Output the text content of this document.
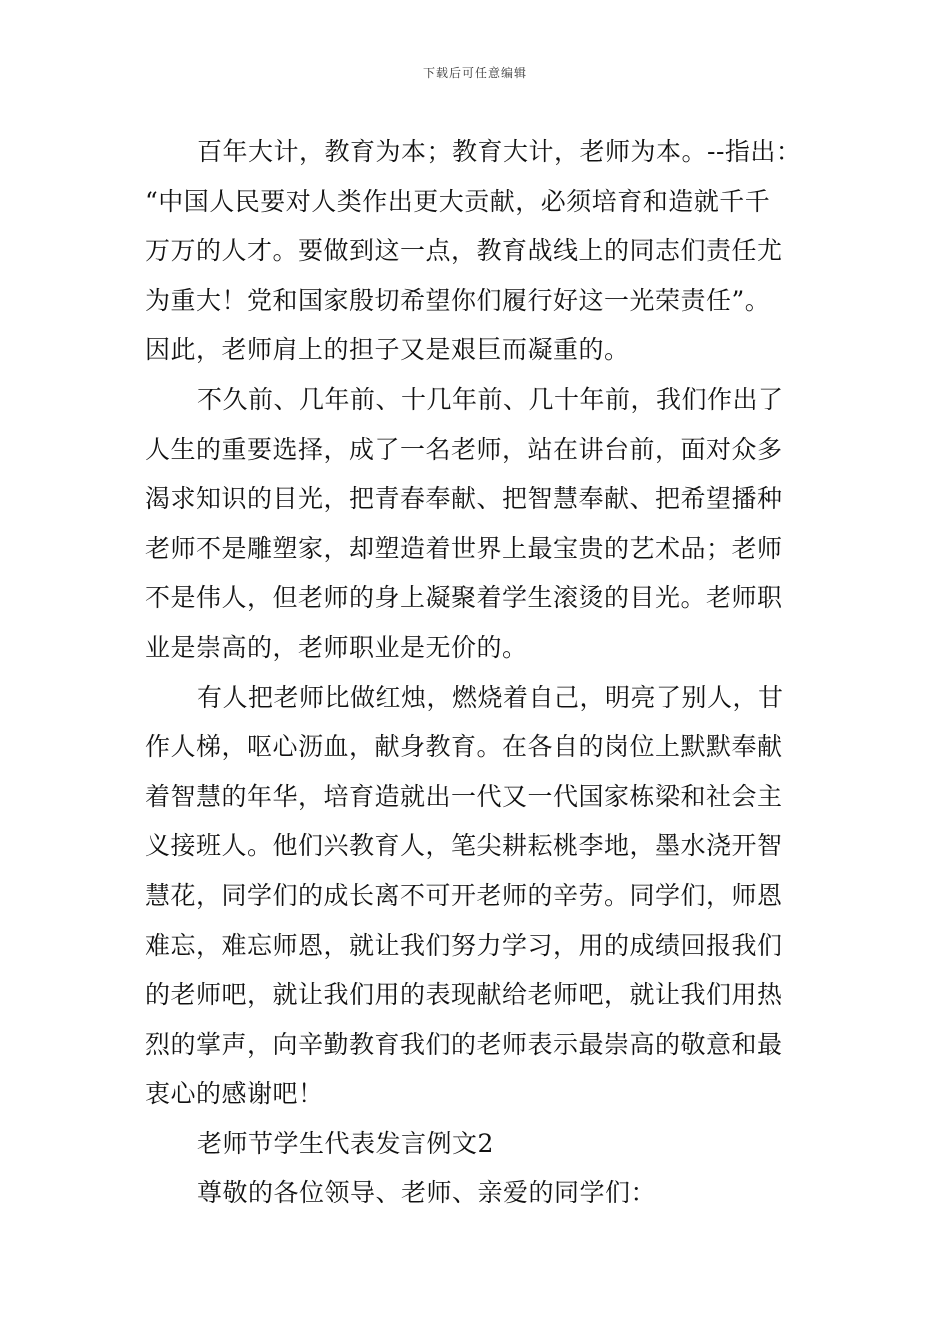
下载后可任意编辑

百年大计，教育为本；教育大计，老师为本。--指出：
“中国人民要对人类作出更大贡献，必须培育和造就千千
万万的人才。要做到这一点，教育战线上的同志们责任尤
为重大！党和国家殷切希望你们履行好这一光荣责任”。
因此，老师肩上的担子又是艰巨而凝重的。

不久前、几年前、十几年前、几十年前，我们作出了
人生的重要选择，成了一名老师，站在讲台前，面对众多
渴求知识的目光，把青春奉献、把智慧奉献、把希望播种
老师不是雕塑家，却塑造着世界上最宝贵的艺术品；老师
不是伟人，但老师的身上凝聚着学生滚烫的目光。老师职
业是崇高的，老师职业是无价的。

有人把老师比做红烛，燃烧着自己，明亮了别人，甘
作人梯，呕心沥血，献身教育。在各自的岗位上默默奉献
着智慧的年华，培育造就出一代又一代国家栋梁和社会主
义接班人。他们兴教育人，笔尖耕耘桃李地，墨水浇开智
慧花，同学们的成长离不可开老师的辛劳。同学们，师恩
难忘，难忘师恩，就让我们努力学习，用的成绩回报我们
的老师吧，就让我们用的表现献给老师吧，就让我们用热
烈的掌声，向辛勤教育我们的老师表示最崇高的敬意和最
衷心的感谢吧！

老师节学生代表发言例文2

尊敬的各位领导、老师、亲爱的同学们：
